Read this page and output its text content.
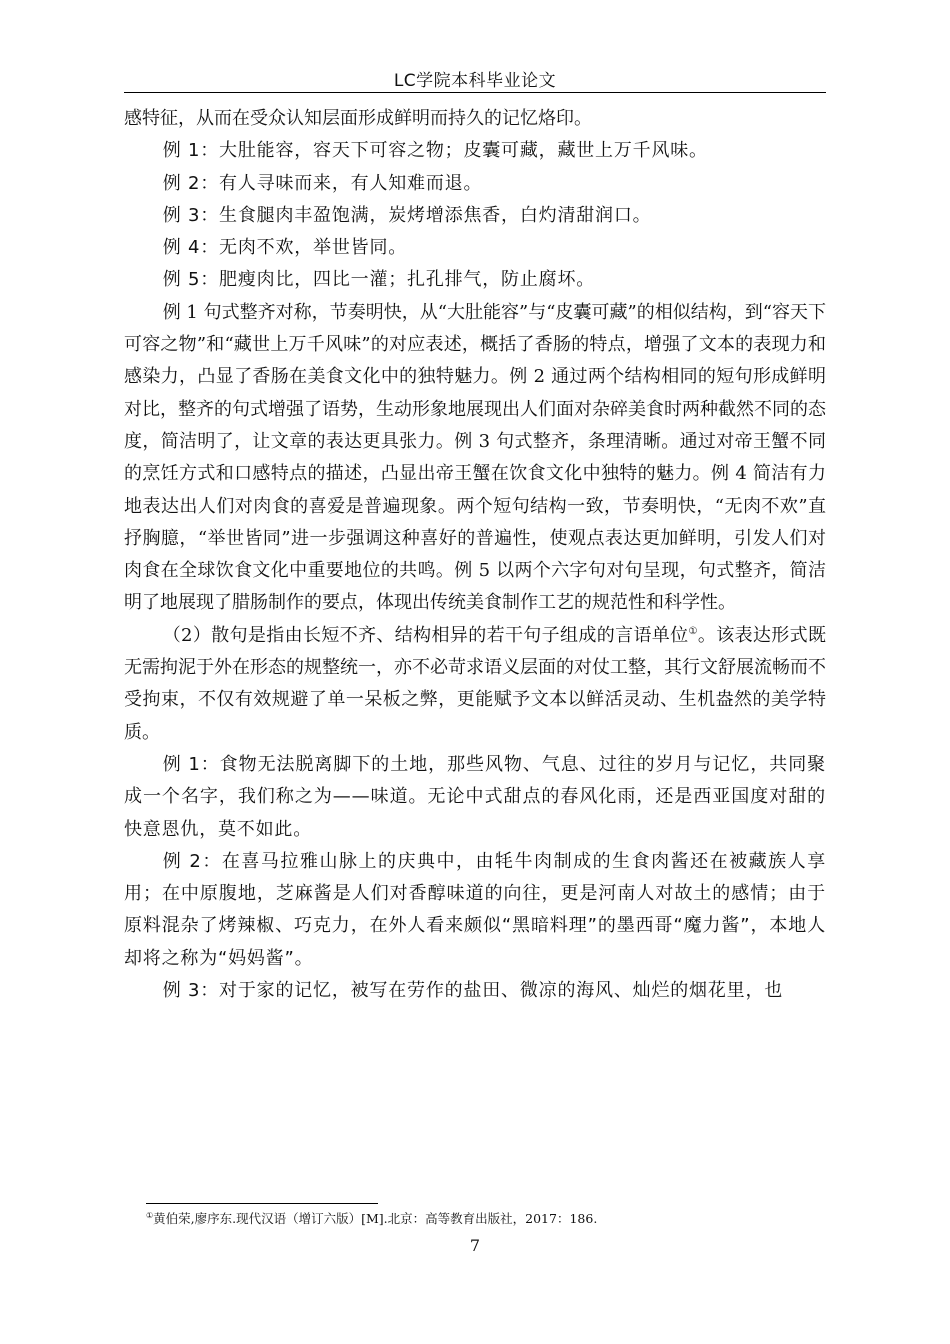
LC学院本科毕业论文

感特征，从而在受众认知层面形成鲜明而持久的记忆烙印。

例 1：大肚能容，容天下可容之物；皮囊可藏，藏世上万千风味。

例 2：有人寻味而来，有人知难而退。

例 3：生食腿肉丰盈饱满，炭烤增添焦香，白灼清甜润口。

例 4：无肉不欢，举世皆同。

例 5：肥瘦肉比，四比一灌；扎孔排气，防止腐坏。

例 1 句式整齐对称，节奏明快，从“大肚能容”与“皮囊可藏”的相似结构，到“容天下可容之物”和“藏世上万千风味”的对应表述，概括了香肠的特点，增强了文本的表现力和感染力，凸显了香肠在美食文化中的独特魅力。例 2 通过两个结构相同的短句形成鲜明对比，整齐的句式增强了语势，生动形象地展现出人们面对杂碎美食时两种截然不同的态度，简洁明了，让文章的表达更具张力。例 3 句式整齐，条理清晰。通过对帝王蟹不同的烹饪方式和口感特点的描述，凸显出帝王蟹在饮食文化中独特的魅力。例 4 简洁有力地表达出人们对肉食的喜爱是普遍现象。两个短句结构一致，节奏明快，“无肉不欢”直抒胸臆，“举世皆同”进一步强调这种喜好的普遍性，使观点表达更加鲜明，引发人们对肉食在全球饮食文化中重要地位的共鸣。例 5 以两个六字句对句呈现，句式整齐，简洁明了地展现了腊肠制作的要点，体现出传统美食制作工艺的规范性和科学性。

（2）散句是指由长短不齐、结构相异的若干句子组成的言语单位①。该表达形式既无需拘泥于外在形态的规整统一，亦不必苛求语义层面的对仗工整，其行文舒展流畅而不受拘束，不仅有效规避了单一呆板之弊，更能赋予文本以鲜活灵动、生机盎然的美学特质。

例 1：食物无法脱离脚下的土地，那些风物、气息、过往的岁月与记忆，共同聚成一个名字，我们称之为——味道。无论中式甜点的春风化雨，还是西亚国度对甜的快意恩仇，莫不如此。

例 2：在喜马拉雅山脉上的庆典中，由牦牛肉制成的生食肉酱还在被藏族人享用；在中原腹地，芝麻酱是人们对香醇味道的向往，更是河南人对故土的感情；由于原料混杂了烤辣椒、巧克力，在外人看来颇似“黑暗料理”的墨西哥“魔力酱”，本地人却将之称为“妈妈酱”。

例 3：对于家的记忆，被写在劳作的盐田、微凉的海风、灿烂的烟花里，也

①黄伯荣,廖序东.现代汉语（增订六版）[M].北京：高等教育出版社，2017：186.
7
